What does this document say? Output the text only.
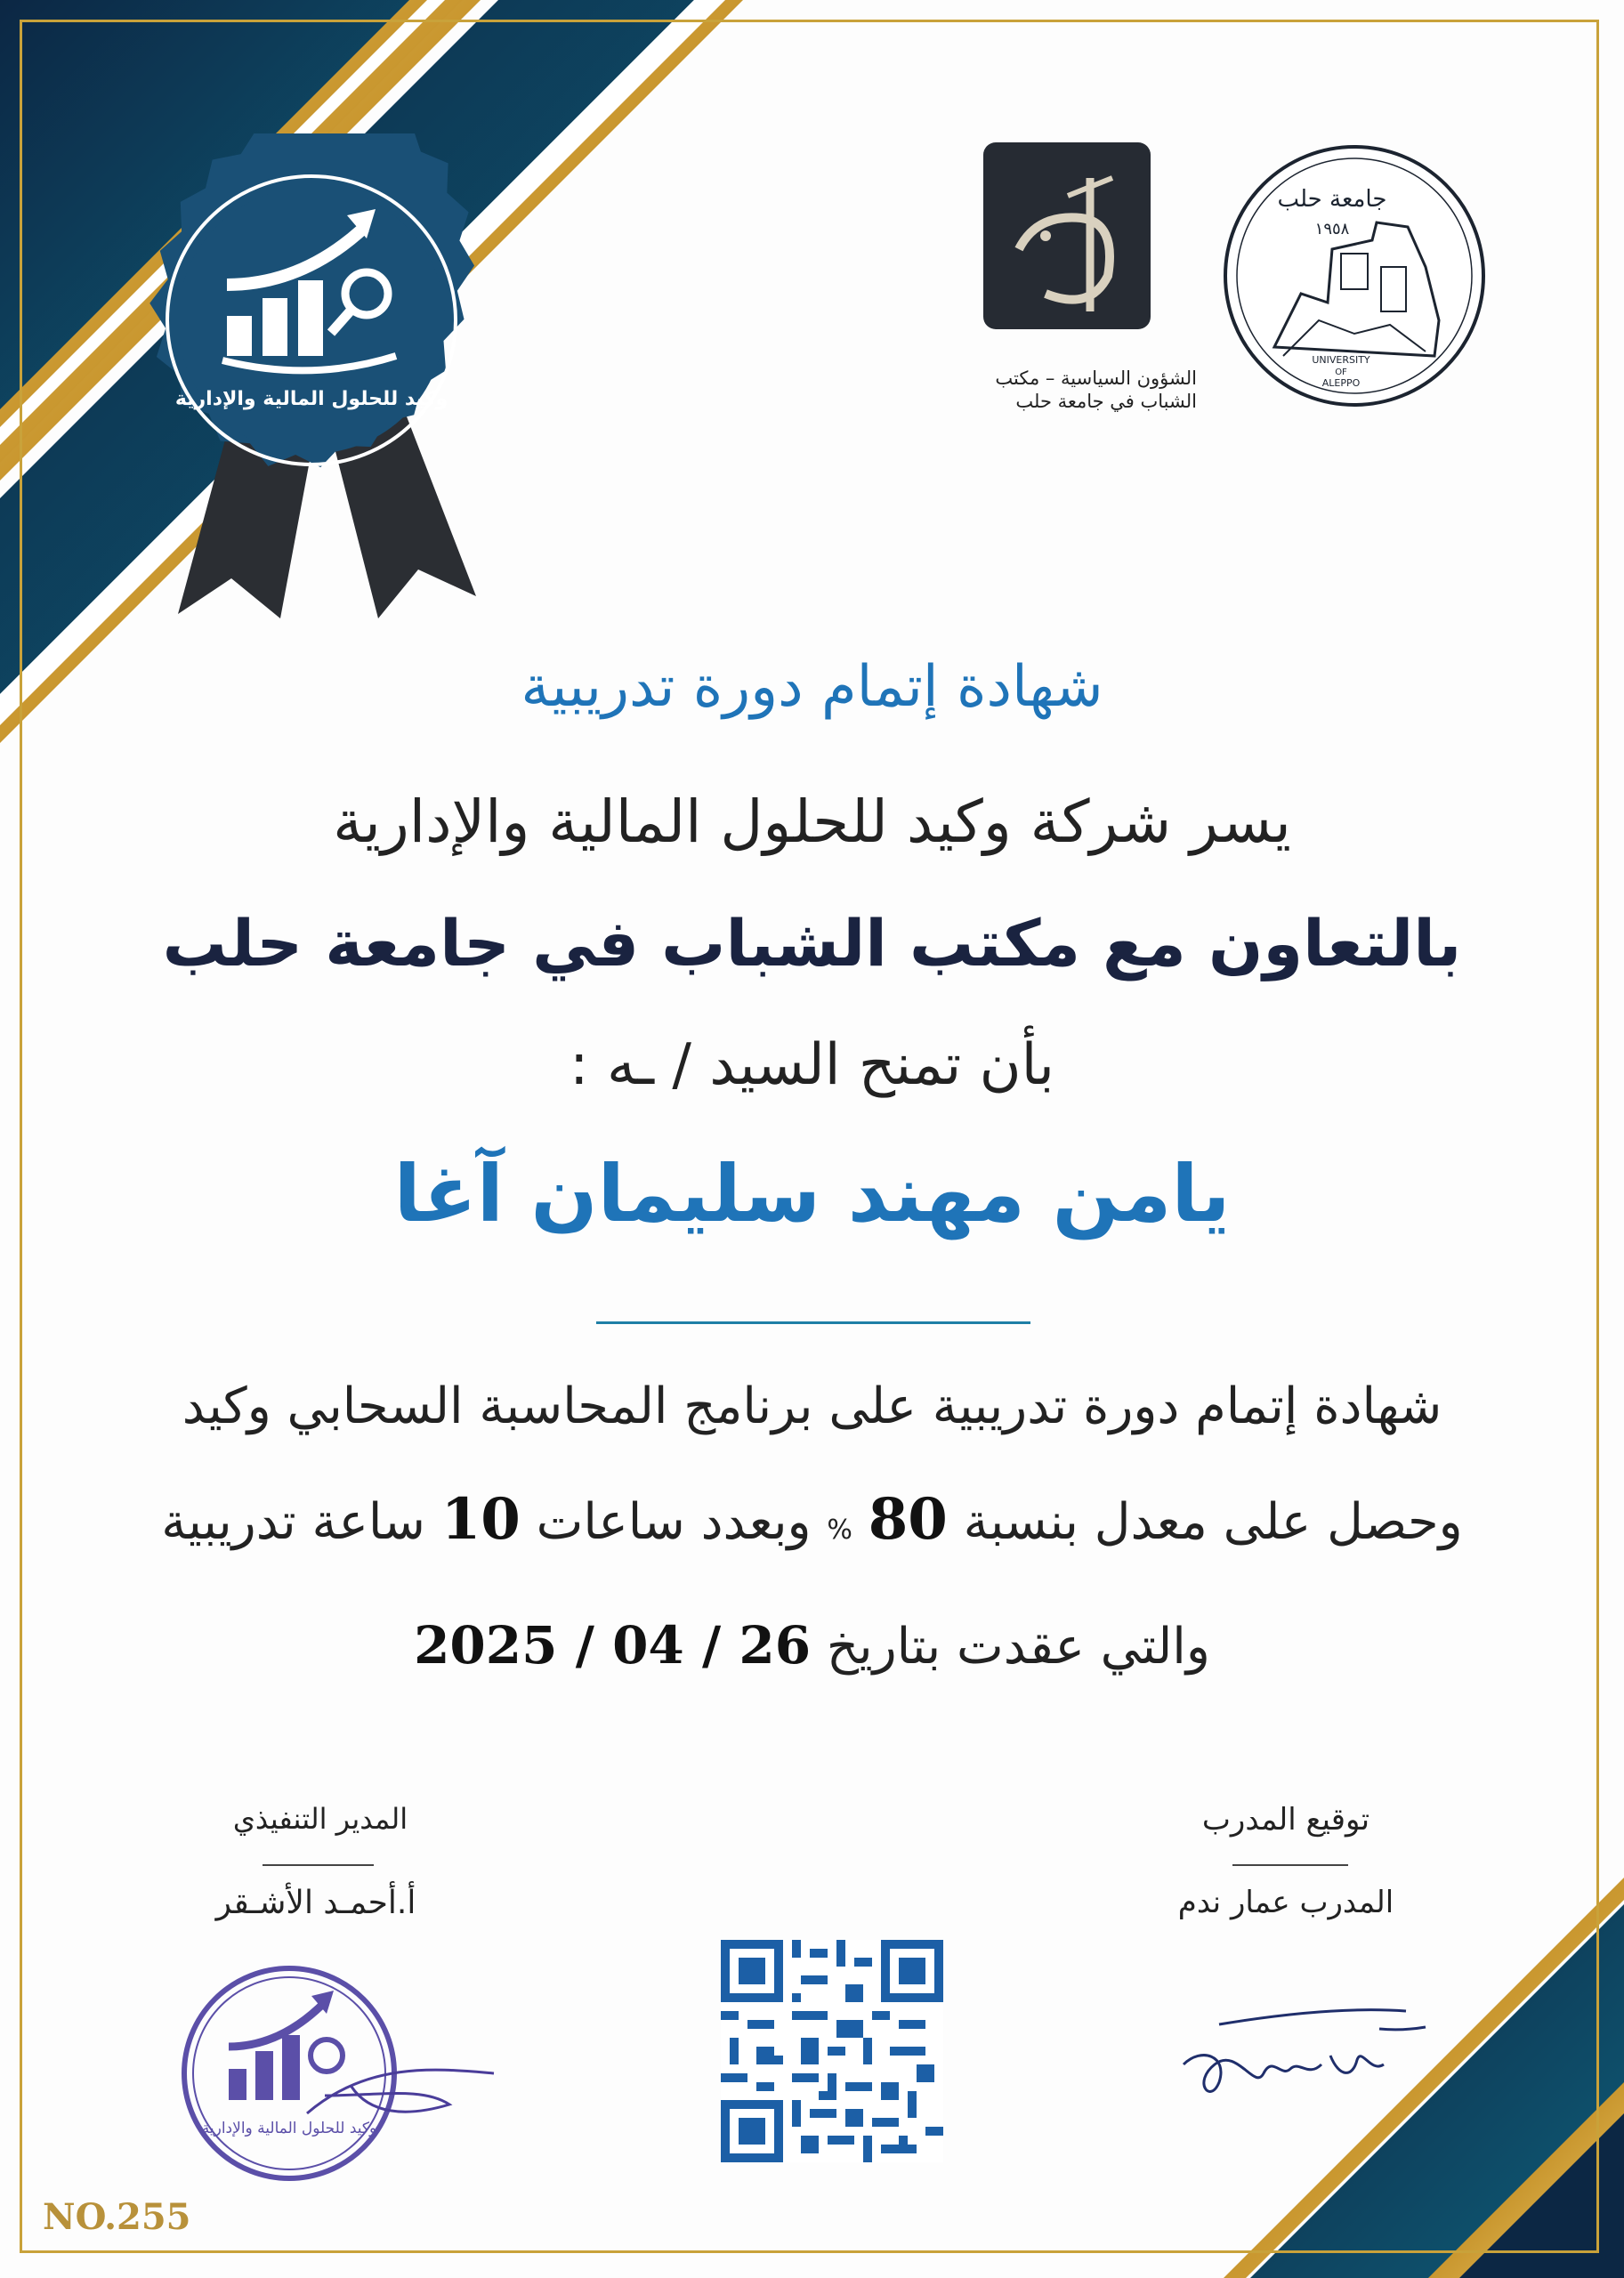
وكيد للحلول المالية والإدارية
الشؤون السياسية – مكتب
الشباب في جامعة حلب
جامعة حلب
١٩٥٨
UNIVERSITY
OF
ALEPPO
شهادة إتمام دورة تدريبية
يسر شركة وكيد للحلول المالية والإدارية
بالتعاون مع مكتب الشباب في جامعة حلب
بأن تمنح السيد / ـه :
يامن مهند سليمان آغا
شهادة إتمام دورة تدريبية على برنامج المحاسبة السحابي وكيد
وحصل على معدل بنسبة 80 % وبعدد ساعات 10 ساعة تدريبية
والتي عقدت بتاريخ 2025 / 04 / 26
المدير التنفيذي
أ.أحمـد الأشـقر
وكيد للحلول المالية والإدارية
توقيع المدرب
المدرب عمار ندم
NO.255
